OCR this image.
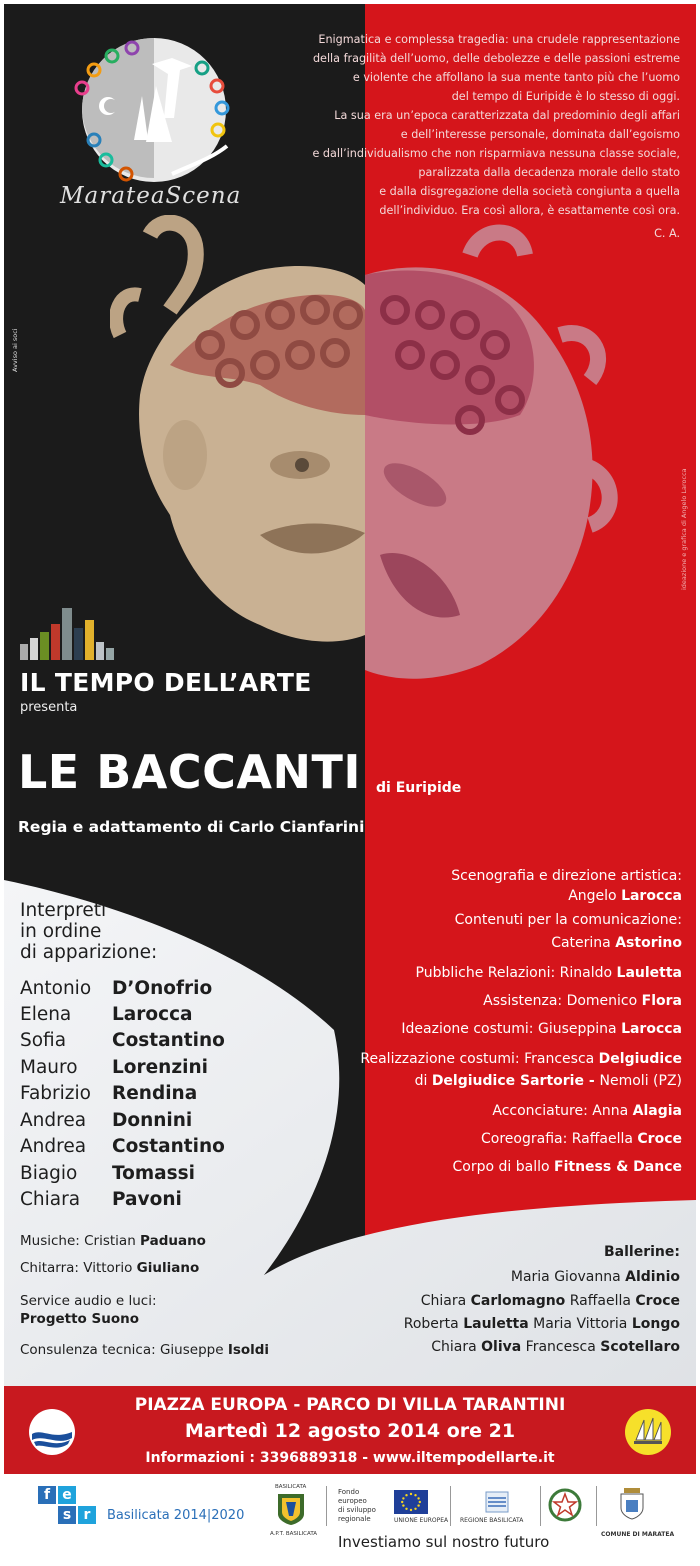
Enigmatica e complessa tragedia: una crudele rappresentazione
della fragilità dell’uomo, delle debolezze e delle passioni estreme
e violente che affollano la sua mente tanto più che l’uomo
del tempo di Euripide è lo stesso di oggi.
La sua era un’epoca caratterizzata dal predominio degli affari
e dell’interesse personale, dominata dall’egoismo
e dall’individualismo che non risparmiava nessuna classe sociale,
paralizzata dalla decadenza morale dello stato
e dalla disgregazione della società congiunta a quella
dell’individuo. Era così allora, è esattamente così ora.
C. A.
MarateaScena
Avviso ai soci
ideazione e grafica di Angelo Larocca
IL TEMPO DELL’ARTE
presenta
LE BACCANTI di Euripide
Regia e adattamento di Carlo Cianfarini
Interpreti
in ordine
di apparizione:
Antonio D’Onofrio
Elena Larocca
Sofia Costantino
Mauro Lorenzini
Fabrizio Rendina
Andrea Donnini
Andrea Costantino
Biagio Tomassi
Chiara Pavoni
Musiche: Cristian Paduano
Chitarra: Vittorio Giuliano
Service audio e luci:
Progetto Suono
Consulenza tecnica: Giuseppe Isoldi
Scenografia e direzione artistica:
Angelo Larocca
Contenuti per la comunicazione:
Caterina Astorino
Pubbliche Relazioni: Rinaldo Lauletta
Assistenza: Domenico Flora
Ideazione costumi: Giuseppina Larocca
Realizzazione costumi: Francesca Delgiudice
di Delgiudice Sartorie - Nemoli (PZ)
Acconciature: Anna Alagia
Coreografia: Raffaella Croce
Corpo di ballo Fitness & Dance
Ballerine:
Maria Giovanna Aldinio
Chiara Carlomagno Raffaella Croce
Roberta Lauletta Maria Vittoria Longo
Chiara Oliva Francesca Scotellaro
PIAZZA EUROPA - PARCO DI VILLA TARANTINI
Martedì 12 agosto 2014 ore 21
Informazioni : 3396889318 - www.iltempodellarte.it
f e
s r	Basilicata 2014|2020
BASILICATA
A.P.T. BASILICATA
Fondo
europeo
di sviluppo
regionale	UNIONE EUROPEA REGIONE BASILICATA
COMUNE DI MARATEA
Investiamo sul nostro futuro
